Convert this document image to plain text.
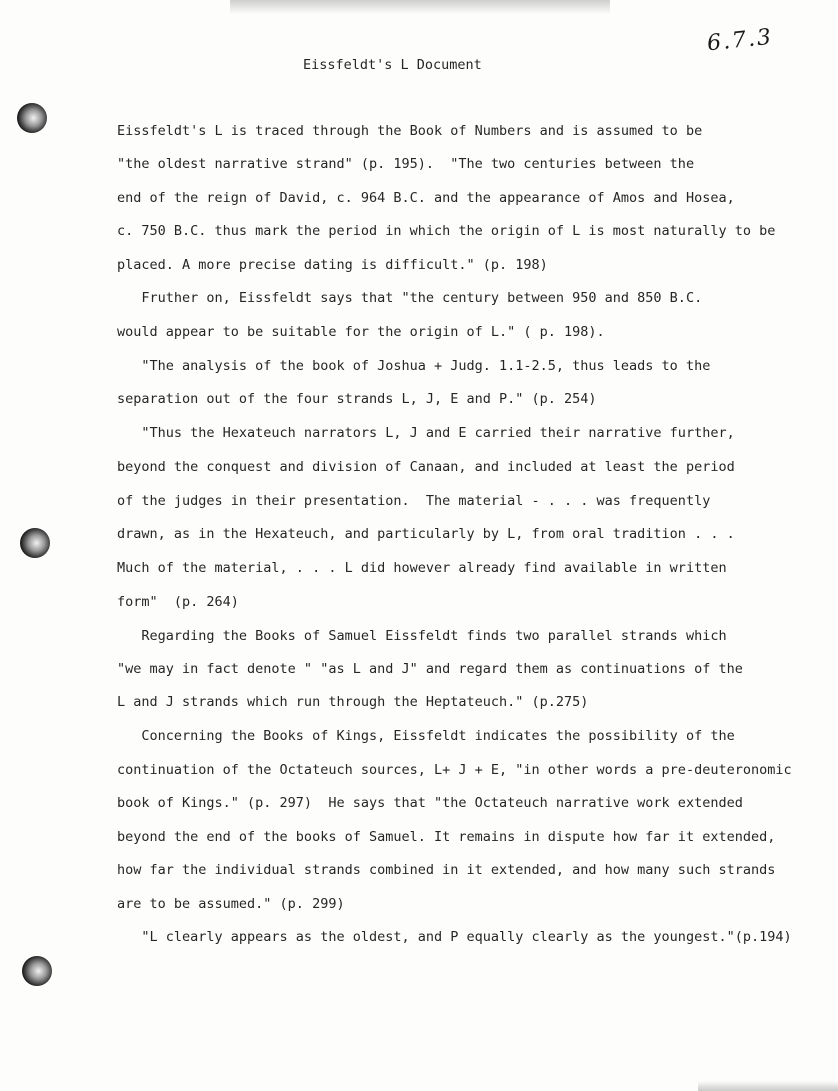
6.7.3
Eissfeldt's L Document
Eissfeldt's L is traced through the Book of Numbers and is assumed to be
"the oldest narrative strand" (p. 195).  "The two centuries between the
end of the reign of David, c. 964 B.C. and the appearance of Amos and Hosea,
c. 750 B.C. thus mark the period in which the origin of L is most naturally to be
placed. A more precise dating is difficult." (p. 198)
Fruther on, Eissfeldt says that "the century between 950 and 850 B.C.
would appear to be suitable for the origin of L." ( p. 198).
"The analysis of the book of Joshua + Judg. 1.1-2.5, thus leads to the
separation out of the four strands L, J, E and P." (p. 254)
"Thus the Hexateuch narrators L, J and E carried their narrative further,
beyond the conquest and division of Canaan, and included at least the period
of the judges in their presentation.  The material - . . . was frequently
drawn, as in the Hexateuch, and particularly by L, from oral tradition . . .
Much of the material, . . . L did however already find available in written
form"  (p. 264)
Regarding the Books of Samuel Eissfeldt finds two parallel strands which
"we may in fact denote " "as L and J" and regard them as continuations of the
L and J strands which run through the Heptateuch." (p.275)
Concerning the Books of Kings, Eissfeldt indicates the possibility of the
continuation of the Octateuch sources, L+ J + E, "in other words a pre-deuteronomic
book of Kings." (p. 297)  He says that "the Octateuch narrative work extended
beyond the end of the books of Samuel. It remains in dispute how far it extended,
how far the individual strands combined in it extended, and how many such strands
are to be assumed." (p. 299)
"L clearly appears as the oldest, and P equally clearly as the youngest."(p.194)
